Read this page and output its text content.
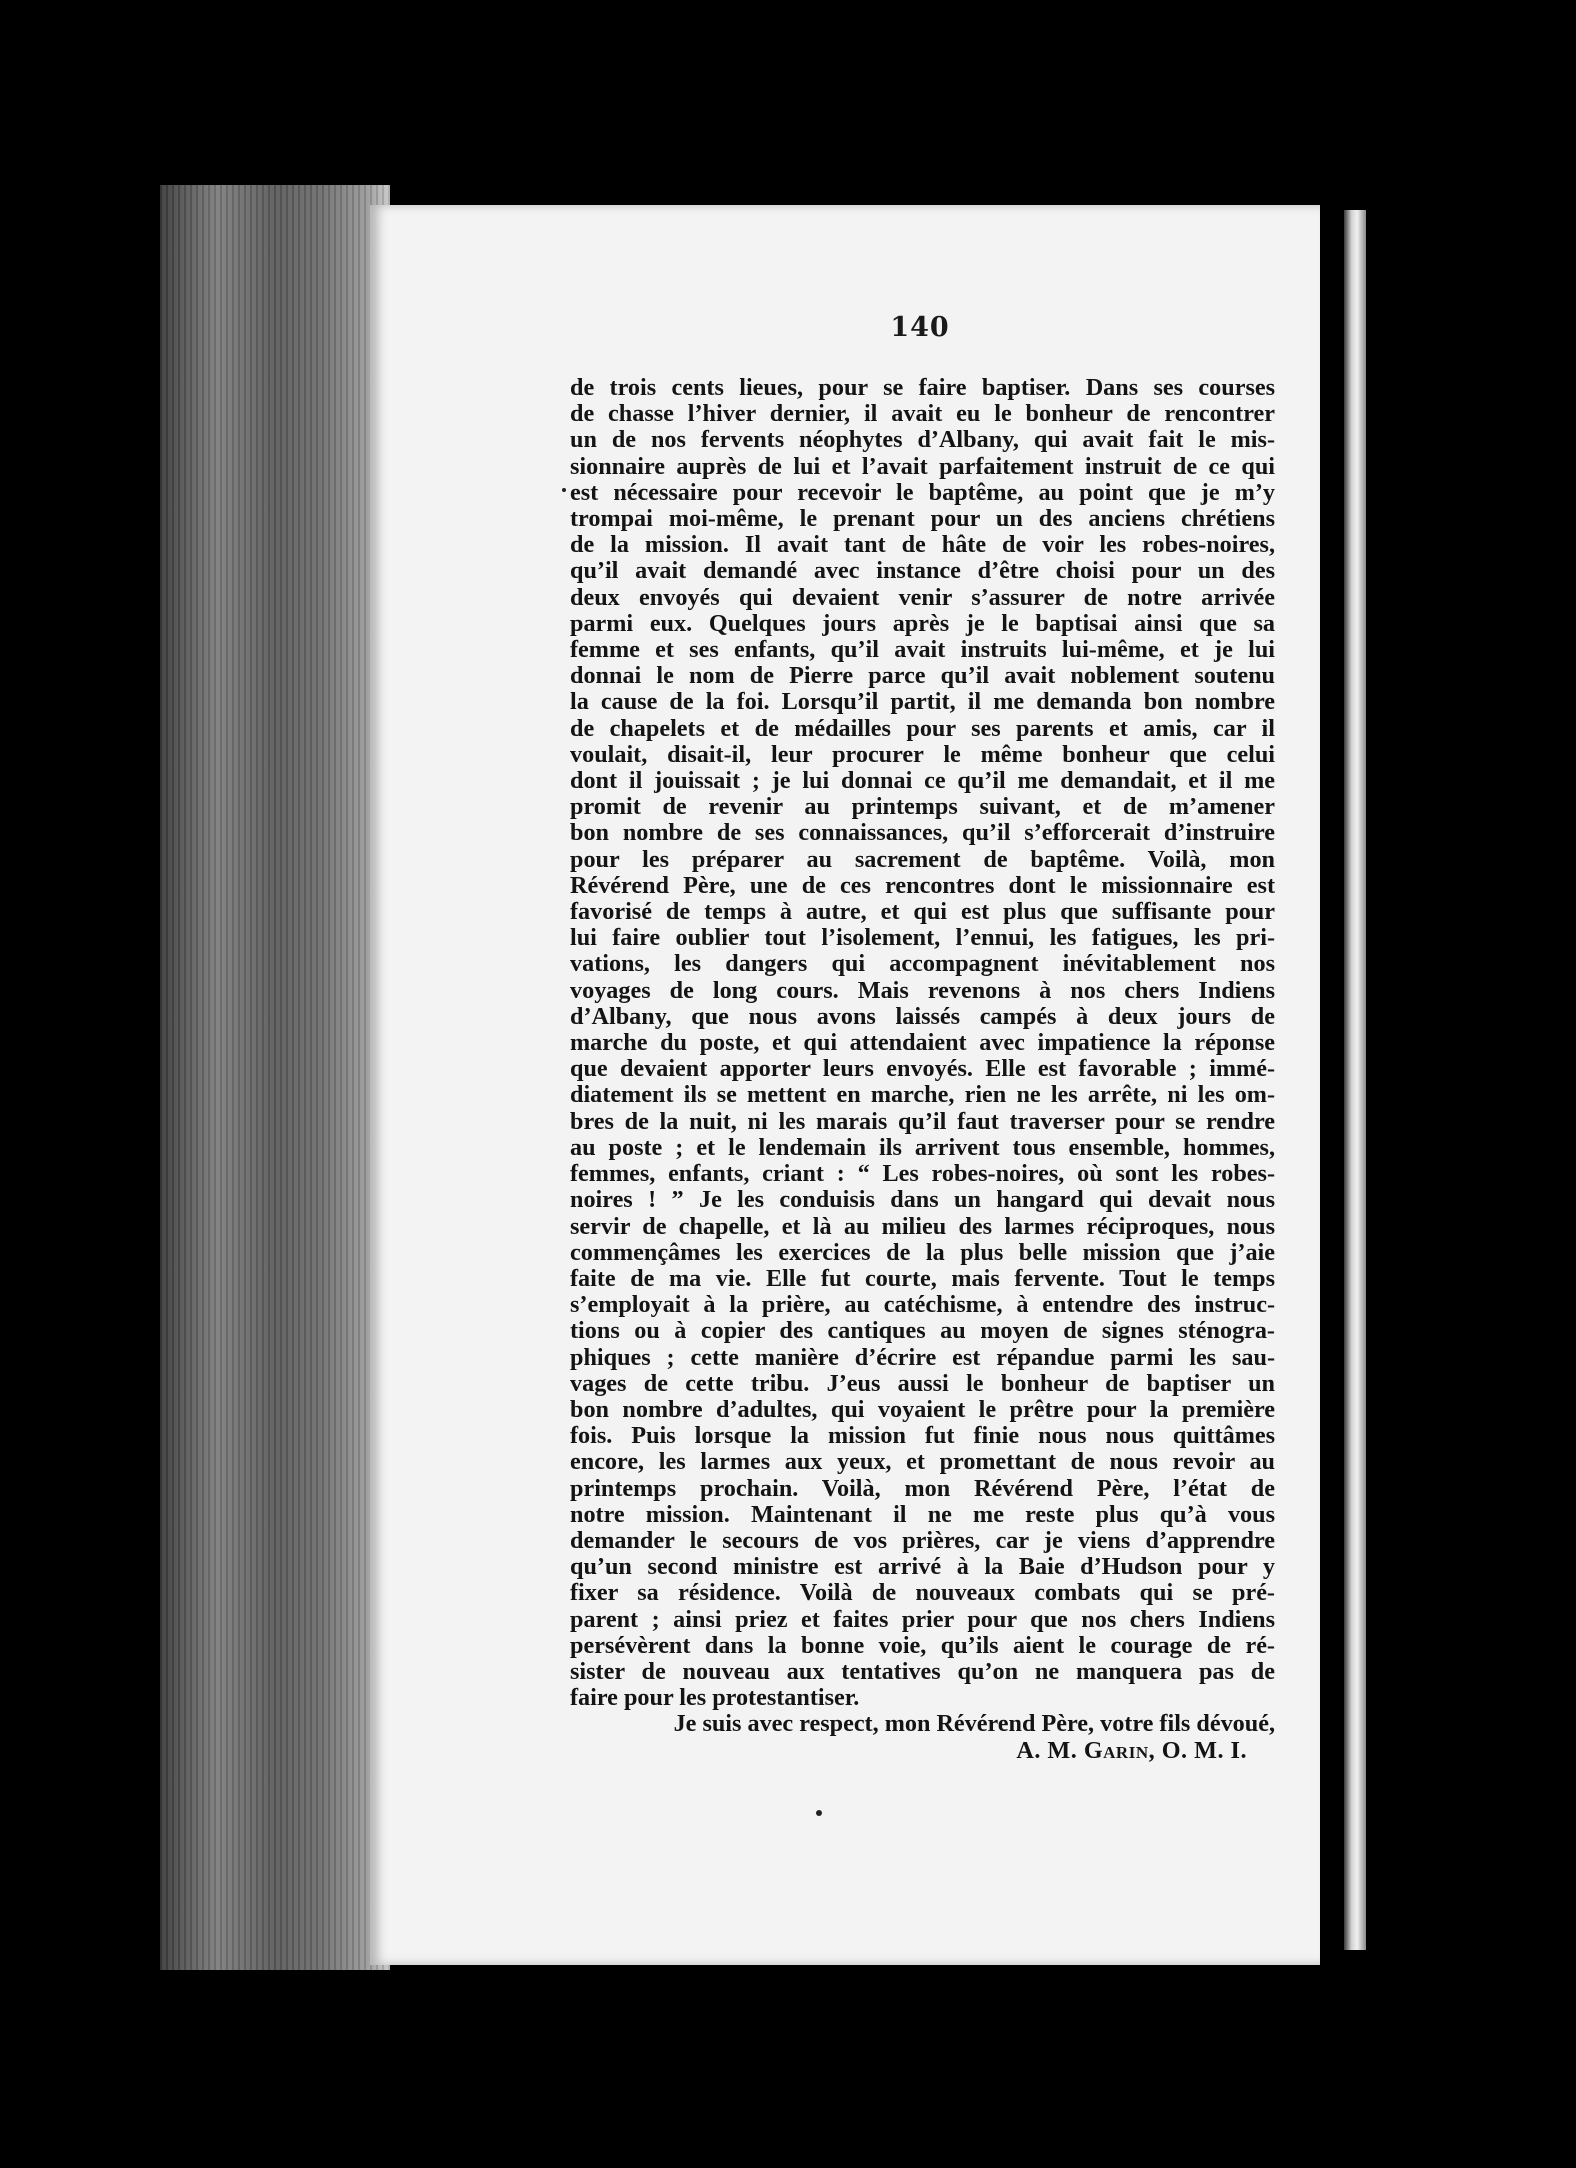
140
de trois cents lieues, pour se faire baptiser. Dans ses courses
de chasse l’hiver dernier, il avait eu le bonheur de rencontrer
un de nos fervents néophytes d’Albany, qui avait fait le mis-
sionnaire auprès de lui et l’avait parfaitement instruit de ce qui
est nécessaire pour recevoir le baptême, au point que je m’y
trompai moi-même, le prenant pour un des anciens chrétiens
de la mission. Il avait tant de hâte de voir les robes-noires,
qu’il avait demandé avec instance d’être choisi pour un des
deux envoyés qui devaient venir s’assurer de notre arrivée
parmi eux. Quelques jours après je le baptisai ainsi que sa
femme et ses enfants, qu’il avait instruits lui-même, et je lui
donnai le nom de Pierre parce qu’il avait noblement soutenu
la cause de la foi. Lorsqu’il partit, il me demanda bon nombre
de chapelets et de médailles pour ses parents et amis, car il
voulait, disait-il, leur procurer le même bonheur que celui
dont il jouissait ; je lui donnai ce qu’il me demandait, et il me
promit de revenir au printemps suivant, et de m’amener
bon nombre de ses connaissances, qu’il s’efforcerait d’instruire
pour les préparer au sacrement de baptême. Voilà, mon
Révérend Père, une de ces rencontres dont le missionnaire est
favorisé de temps à autre, et qui est plus que suffisante pour
lui faire oublier tout l’isolement, l’ennui, les fatigues, les pri-
vations, les dangers qui accompagnent inévitablement nos
voyages de long cours. Mais revenons à nos chers Indiens
d’Albany, que nous avons laissés campés à deux jours de
marche du poste, et qui attendaient avec impatience la réponse
que devaient apporter leurs envoyés. Elle est favorable ; immé-
diatement ils se mettent en marche, rien ne les arrête, ni les om-
bres de la nuit, ni les marais qu’il faut traverser pour se rendre
au poste ; et le lendemain ils arrivent tous ensemble, hommes,
femmes, enfants, criant : “ Les robes-noires, où sont les robes-
noires ! ” Je les conduisis dans un hangard qui devait nous
servir de chapelle, et là au milieu des larmes réciproques, nous
commençâmes les exercices de la plus belle mission que j’aie
faite de ma vie. Elle fut courte, mais fervente. Tout le temps
s’employait à la prière, au catéchisme, à entendre des instruc-
tions ou à copier des cantiques au moyen de signes sténogra-
phiques ; cette manière d’écrire est répandue parmi les sau-
vages de cette tribu. J’eus aussi le bonheur de baptiser un
bon nombre d’adultes, qui voyaient le prêtre pour la première
fois. Puis lorsque la mission fut finie nous nous quittâmes
encore, les larmes aux yeux, et promettant de nous revoir au
printemps prochain. Voilà, mon Révérend Père, l’état de
notre mission. Maintenant il ne me reste plus qu’à vous
demander le secours de vos prières, car je viens d’apprendre
qu’un second ministre est arrivé à la Baie d’Hudson pour y
fixer sa résidence. Voilà de nouveaux combats qui se pré-
parent ; ainsi priez et faites prier pour que nos chers Indiens
persévèrent dans la bonne voie, qu’ils aient le courage de ré-
sister de nouveau aux tentatives qu’on ne manquera pas de
faire pour les protestantiser.
Je suis avec respect, mon Révérend Père, votre fils dévoué,
A. M. Garin, O. M. I.
